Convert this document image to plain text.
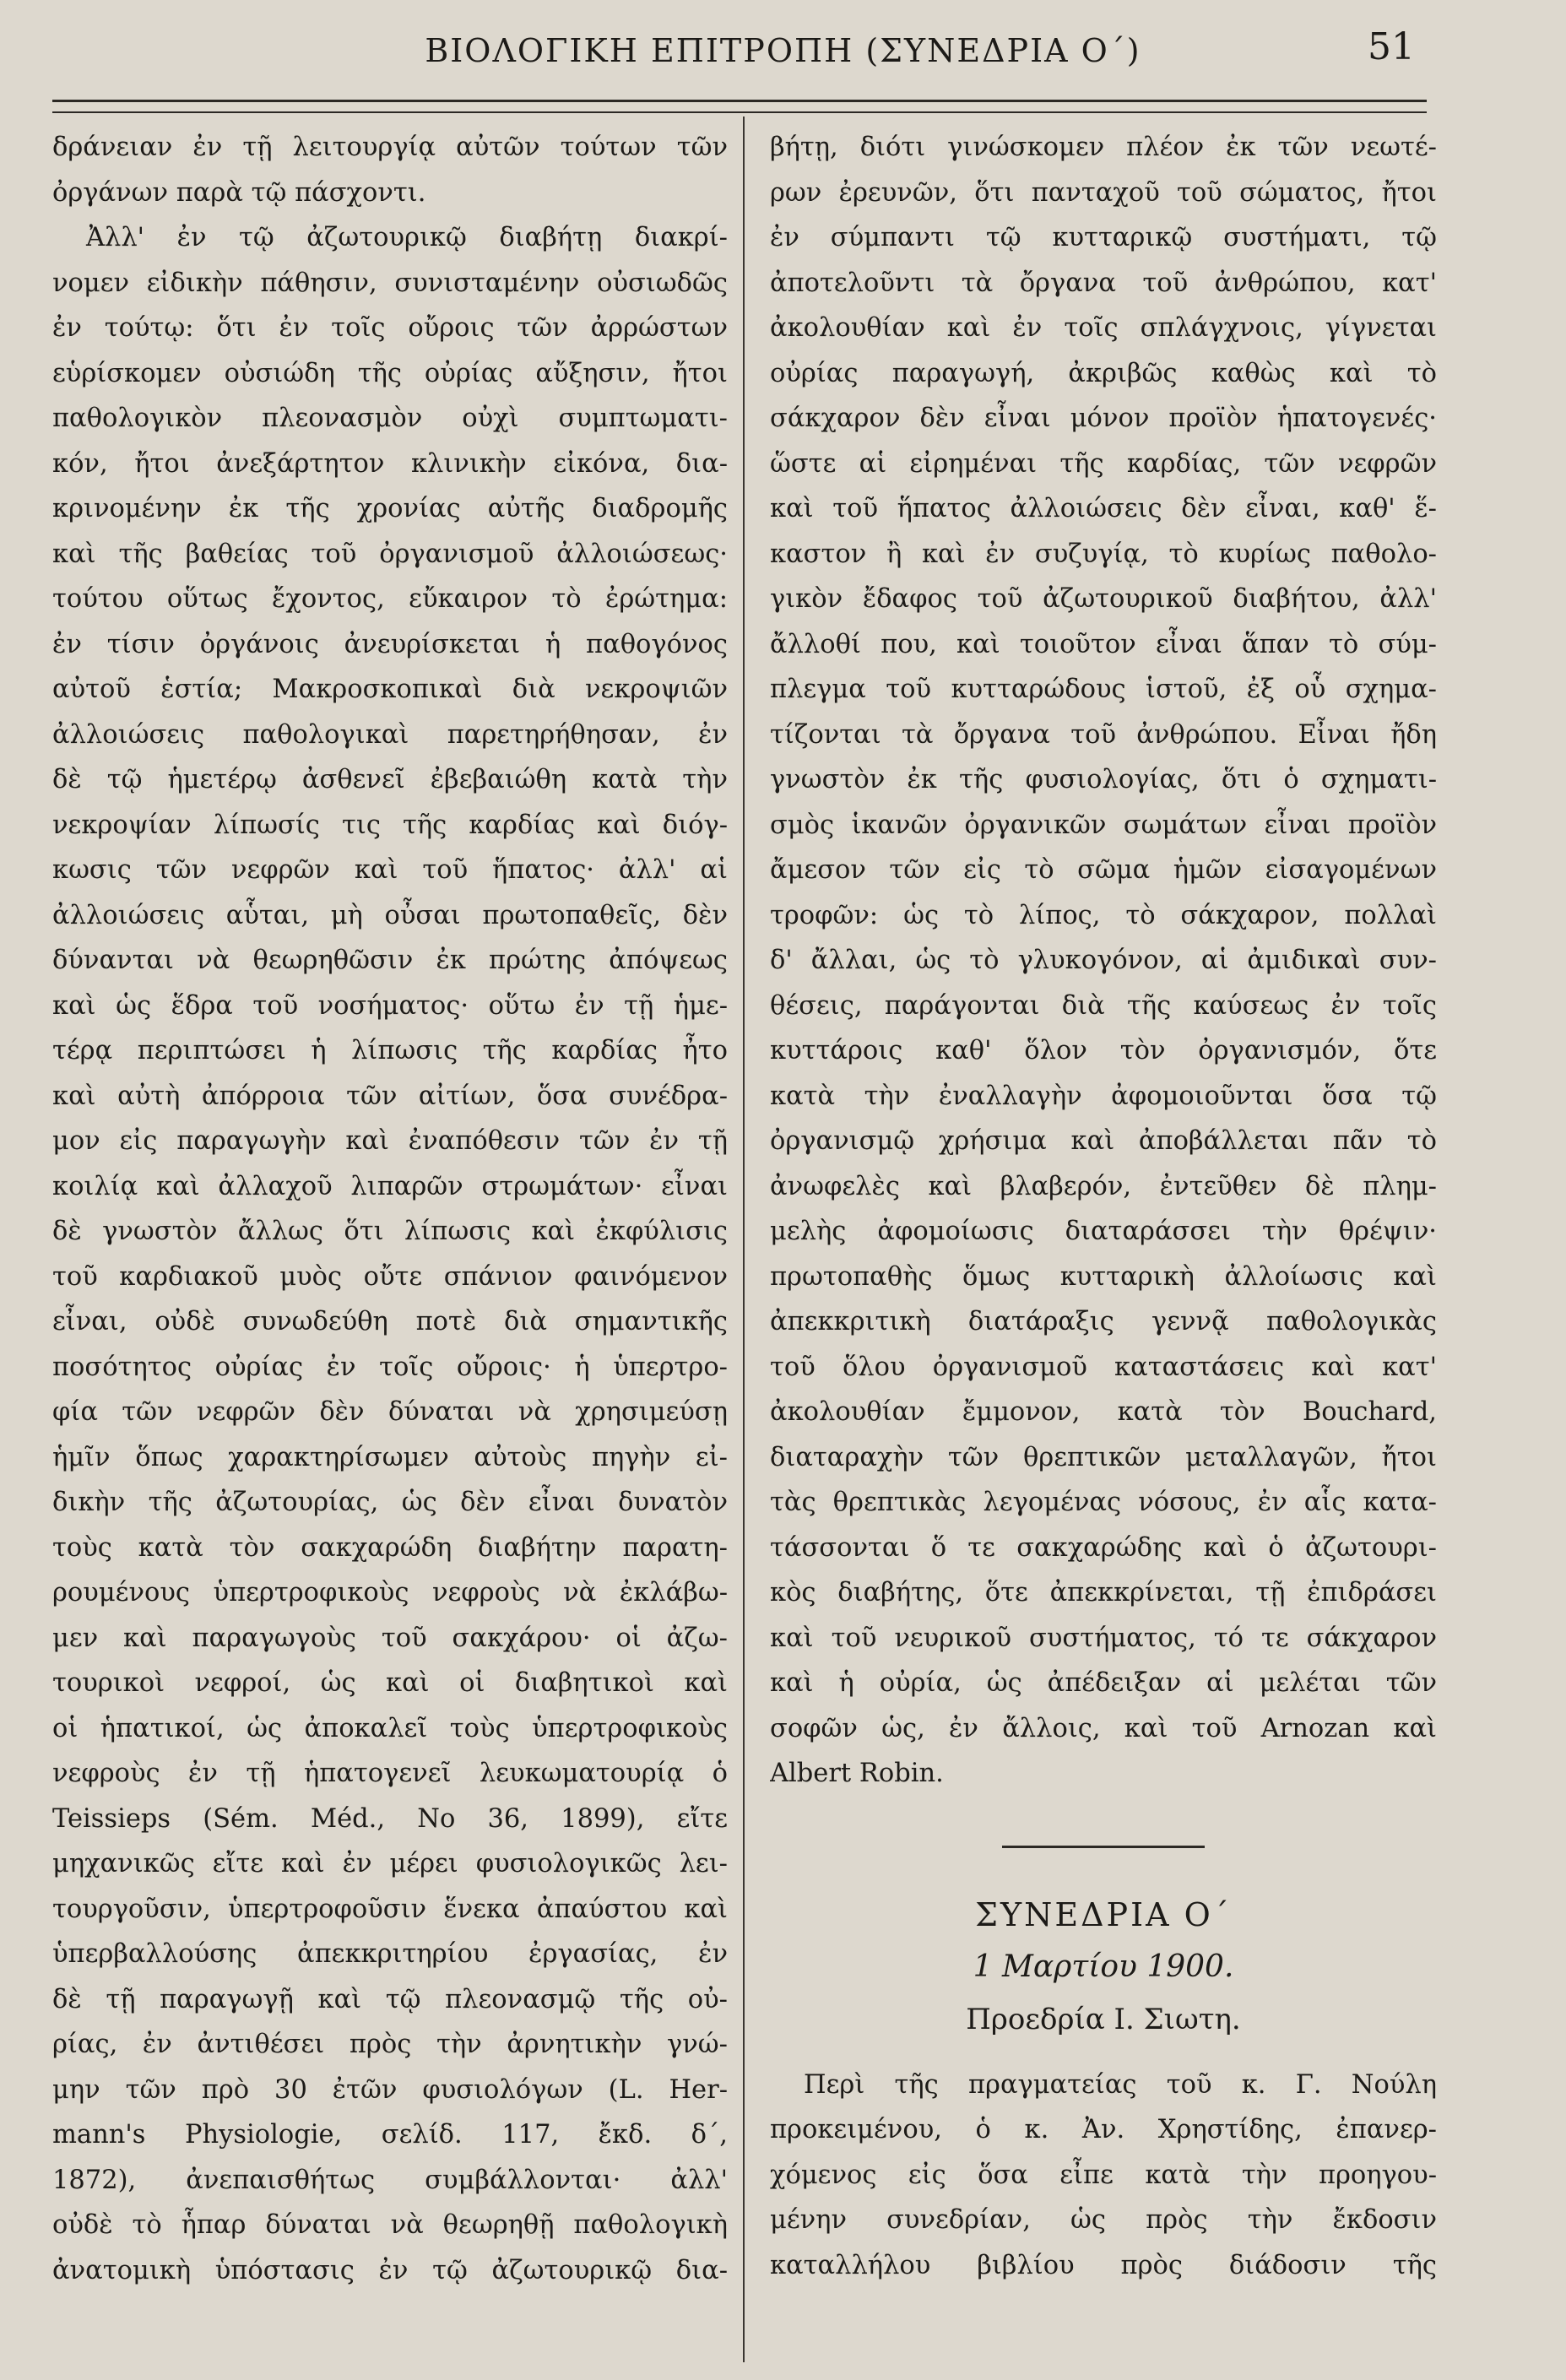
ΒΙΟΛΟΓΙΚΗ ΕΠΙΤΡΟΠΗ (ΣΥΝΕΔΡΙΑ Ο΄)	51
δράνειαν ἐν τῇ λειτουργίᾳ αὐτῶν τούτων τῶν
ὀργάνων παρὰ τῷ πάσχοντι.
Ἀλλ' ἐν τῷ ἀζωτουρικῷ διαβήτῃ διακρί-
νομεν εἰδικὴν πάθησιν, συνισταμένην οὐσιωδῶς
ἐν τούτῳ: ὅτι ἐν τοῖς οὔροις τῶν ἀρρώστων
εὑρίσκομεν οὐσιώδη τῆς οὐρίας αὔξησιν, ἤτοι
παθολογικὸν πλεονασμὸν οὐχὶ συμπτωματι-
κόν, ἤτοι ἀνεξάρτητον κλινικὴν εἰκόνα, δια-
κρινομένην ἐκ τῆς χρονίας αὐτῆς διαδρομῆς
καὶ τῆς βαθείας τοῦ ὀργανισμοῦ ἀλλοιώσεως·
τούτου οὕτως ἔχοντος, εὔκαιρον τὸ ἐρώτημα:
ἐν τίσιν ὀργάνοις ἀνευρίσκεται ἡ παθογόνος
αὐτοῦ ἑστία; Μακροσκοπικαὶ διὰ νεκροψιῶν
ἀλλοιώσεις παθολογικαὶ παρετηρήθησαν, ἐν
δὲ τῷ ἡμετέρῳ ἀσθενεῖ ἐβεβαιώθη κατὰ τὴν
νεκροψίαν λίπωσίς τις τῆς καρδίας καὶ διόγ-
κωσις τῶν νεφρῶν καὶ τοῦ ἥπατος· ἀλλ' αἱ
ἀλλοιώσεις αὗται, μὴ οὖσαι πρωτοπαθεῖς, δὲν
δύνανται νὰ θεωρηθῶσιν ἐκ πρώτης ἀπόψεως
καὶ ὡς ἕδρα τοῦ νοσήματος· οὕτω ἐν τῇ ἡμε-
τέρᾳ περιπτώσει ἡ λίπωσις τῆς καρδίας ἦτο
καὶ αὐτὴ ἀπόρροια τῶν αἰτίων, ὅσα συνέδρα-
μον εἰς παραγωγὴν καὶ ἐναπόθεσιν τῶν ἐν τῇ
κοιλίᾳ καὶ ἀλλαχοῦ λιπαρῶν στρωμάτων· εἶναι
δὲ γνωστὸν ἄλλως ὅτι λίπωσις καὶ ἐκφύλισις
τοῦ καρδιακοῦ μυὸς οὔτε σπάνιον φαινόμενον
εἶναι, οὐδὲ συνωδεύθη ποτὲ διὰ σημαντικῆς
ποσότητος οὐρίας ἐν τοῖς οὔροις· ἡ ὑπερτρο-
φία τῶν νεφρῶν δὲν δύναται νὰ χρησιμεύσῃ
ἡμῖν ὅπως χαρακτηρίσωμεν αὐτοὺς πηγὴν εἰ-
δικὴν τῆς ἀζωτουρίας, ὡς δὲν εἶναι δυνατὸν
τοὺς κατὰ τὸν σακχαρώδη διαβήτην παρατη-
ρουμένους ὑπερτροφικοὺς νεφροὺς νὰ ἐκλάβω-
μεν καὶ παραγωγοὺς τοῦ σακχάρου· οἱ ἀζω-
τουρικοὶ νεφροί, ὡς καὶ οἱ διαβητικοὶ καὶ
οἱ ἡπατικοί, ὡς ἀποκαλεῖ τοὺς ὑπερτροφικοὺς
νεφροὺς ἐν τῇ ἡπατογενεῖ λευκωματουρίᾳ ὁ
Teissieps (Sém. Méd., No 36, 1899), εἴτε
μηχανικῶς εἴτε καὶ ἐν μέρει φυσιολογικῶς λει-
τουργοῦσιν, ὑπερτροφοῦσιν ἕνεκα ἀπαύστου καὶ
ὑπερβαλλούσης ἀπεκκριτηρίου ἐργασίας, ἐν
δὲ τῇ παραγωγῇ καὶ τῷ πλεονασμῷ τῆς οὐ-
ρίας, ἐν ἀντιθέσει πρὸς τὴν ἀρνητικὴν γνώ-
μην τῶν πρὸ 30 ἐτῶν φυσιολόγων (L. Her-
mann's Physiologie, σελίδ. 117, ἔκδ. δ΄,
1872), ἀνεπαισθήτως συμβάλλονται· ἀλλ'
οὐδὲ τὸ ἧπαρ δύναται νὰ θεωρηθῇ παθολογικὴ
ἀνατομικὴ ὑπόστασις ἐν τῷ ἀζωτουρικῷ δια-
βήτῃ, διότι γινώσκομεν πλέον ἐκ τῶν νεωτέ-
ρων ἐρευνῶν, ὅτι πανταχοῦ τοῦ σώματος, ἤτοι
ἐν σύμπαντι τῷ κυτταρικῷ συστήματι, τῷ
ἀποτελοῦντι τὰ ὄργανα τοῦ ἀνθρώπου, κατ'
ἀκολουθίαν καὶ ἐν τοῖς σπλάγχνοις, γίγνεται
οὐρίας παραγωγή, ἀκριβῶς καθὼς καὶ τὸ
σάκχαρον δὲν εἶναι μόνον προϊὸν ἡπατογενές·
ὥστε αἱ εἰρημέναι τῆς καρδίας, τῶν νεφρῶν
καὶ τοῦ ἥπατος ἀλλοιώσεις δὲν εἶναι, καθ' ἕ-
καστον ἢ καὶ ἐν συζυγίᾳ, τὸ κυρίως παθολο-
γικὸν ἔδαφος τοῦ ἀζωτουρικοῦ διαβήτου, ἀλλ'
ἄλλοθί που, καὶ τοιοῦτον εἶναι ἅπαν τὸ σύμ-
πλεγμα τοῦ κυτταρώδους ἱστοῦ, ἐξ οὗ σχημα-
τίζονται τὰ ὄργανα τοῦ ἀνθρώπου. Εἶναι ἤδη
γνωστὸν ἐκ τῆς φυσιολογίας, ὅτι ὁ σχηματι-
σμὸς ἱκανῶν ὀργανικῶν σωμάτων εἶναι προϊὸν
ἄμεσον τῶν εἰς τὸ σῶμα ἡμῶν εἰσαγομένων
τροφῶν: ὡς τὸ λίπος, τὸ σάκχαρον, πολλαὶ
δ' ἄλλαι, ὡς τὸ γλυκογόνον, αἱ ἀμιδικαὶ συν-
θέσεις, παράγονται διὰ τῆς καύσεως ἐν τοῖς
κυττάροις καθ' ὅλον τὸν ὀργανισμόν, ὅτε
κατὰ τὴν ἐναλλαγὴν ἀφομοιοῦνται ὅσα τῷ
ὀργανισμῷ χρήσιμα καὶ ἀποβάλλεται πᾶν τὸ
ἀνωφελὲς καὶ βλαβερόν, ἐντεῦθεν δὲ πλημ-
μελὴς ἀφομοίωσις διαταράσσει τὴν θρέψιν·
πρωτοπαθὴς ὅμως κυτταρικὴ ἀλλοίωσις καὶ
ἀπεκκριτικὴ διατάραξις γεννᾷ παθολογικὰς
τοῦ ὅλου ὀργανισμοῦ καταστάσεις καὶ κατ'
ἀκολουθίαν ἔμμονον, κατὰ τὸν Bouchard,
διαταραχὴν τῶν θρεπτικῶν μεταλλαγῶν, ἤτοι
τὰς θρεπτικὰς λεγομένας νόσους, ἐν αἷς κατα-
τάσσονται ὅ τε σακχαρώδης καὶ ὁ ἀζωτουρι-
κὸς διαβήτης, ὅτε ἀπεκκρίνεται, τῇ ἐπιδράσει
καὶ τοῦ νευρικοῦ συστήματος, τό τε σάκχαρον
καὶ ἡ οὐρία, ὡς ἀπέδειξαν αἱ μελέται τῶν
σοφῶν ὡς, ἐν ἄλλοις, καὶ τοῦ Arnozan καὶ
Albert Robin.
ΣΥΝΕΔΡΙΑ Ο΄
1 Μαρτίου 1900.
Προεδρία Ι. Σιωτη.
Περὶ τῆς πραγματείας τοῦ κ. Γ. Νούλη
προκειμένου, ὁ κ. Ἀν. Χρηστίδης, ἐπανερ-
χόμενος εἰς ὅσα εἶπε κατὰ τὴν προηγου-
μένην συνεδρίαν, ὡς πρὸς τὴν ἔκδοσιν
καταλλήλου βιβλίου πρὸς διάδοσιν τῆς
